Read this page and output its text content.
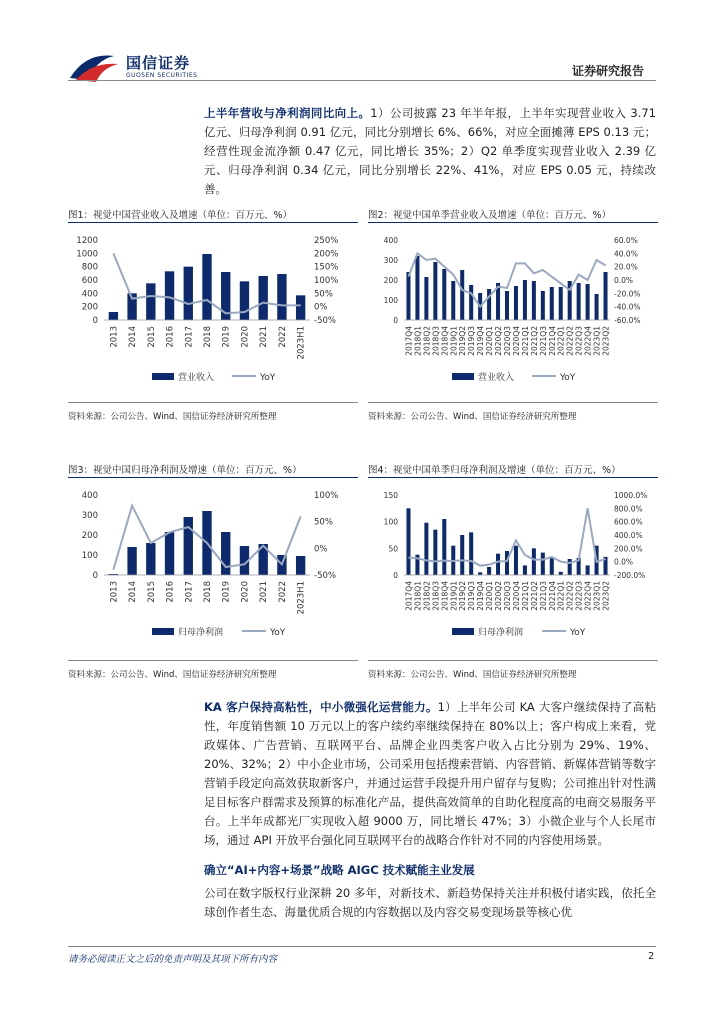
国信证券
GUOSEN SECURITIES	证券研究报告
上半年营收与净利润同比向上。1）公司披露 23 年半年报，上半年实现营业收入 3.71 亿元、归母净利润 0.91 亿元，同比分别增长 6%、66%，对应全面摊薄 EPS 0.13 元；经营性现金流净额 0.47 亿元，同比增长 35%；2）Q2 单季度实现营业收入 2.39 亿元、归母净利润 0.34 亿元，同比分别增长 22%、41%，对应 EPS 0.05 元，持续改善。
图1：视觉中国营业收入及增速（单位：百万元、%）	图2：视觉中国单季营业收入及增速（单位：百万元、%）
0
200
400
600
800
1000
1200
-50%
0%
50%
100%
150%
200%
250%
2013 2014 2015 2016 2017 2018 2019 2020 2021 2022 2023H1
营业收入	YoY
0
100
200
300
400
-60.0%
-40.0%
-20.0%
0.0%
20.0%
40.0%
60.0%
2017Q4 2018Q1 2018Q2 2018Q3 2018Q4 2019Q1 2019Q2 2019Q3 2019Q4 2020Q1 2020Q2 2020Q3 2020Q4 2021Q1 2021Q2 2021Q3 2021Q4 2022Q1 2022Q2 2022Q3 2022Q4 2023Q1 2023Q2
营业收入	YoY
资料来源：公司公告、Wind、国信证券经济研究所整理	资料来源：公司公告、Wind、国信证券经济研究所整理
图3：视觉中国归母净利润及增速（单位：百万元、%）	图4：视觉中国单季归母净利润及增速（单位：百万元、%）
0
100
200
300
400
-50%
0%
50%
100%
2013 2014 2015 2016 2017 2018 2019 2020 2021 2022 2023H1
归母净利润	YoY
0
50
100
150
-200.0%
0.0%
200.0%
400.0%
600.0%
800.0%
1000.0%
2017Q4 2018Q1 2018Q2 2018Q3 2018Q4 2019Q1 2019Q2 2019Q3 2019Q4 2020Q1 2020Q2 2020Q3 2020Q4 2021Q1 2021Q2 2021Q3 2021Q4 2022Q1 2022Q2 2022Q3 2022Q4 2023Q1 2023Q2
归母净利润	YoY
资料来源：公司公告、Wind、国信证券经济研究所整理	资料来源：公司公告、Wind、国信证券经济研究所整理
KA 客户保持高粘性，中小微强化运营能力。1）上半年公司 KA 大客户继续保持了高粘性，年度销售额 10 万元以上的客户续约率继续保持在 80%以上；客户构成上来看，党政媒体、广告营销、互联网平台、品牌企业四类客户收入占比分别为 29%、19%、20%、32%；2）中小企业市场，公司采用包括搜索营销、内容营销、新媒体营销等数字营销手段定向高效获取新客户，并通过运营手段提升用户留存与复购；公司推出针对性满足目标客户群需求及预算的标准化产品，提供高效简单的自助化程度高的电商交易服务平台。上半年成都光厂实现收入超 9000 万，同比增长 47%；3）小微企业与个人长尾市场，通过 API 开放平台强化同互联网平台的战略合作针对不同的内容使用场景。
确立“AI+内容+场景”战略 AIGC 技术赋能主业发展
公司在数字版权行业深耕 20 多年，对新技术、新趋势保持关注并积极付诸实践，依托全球创作者生态、海量优质合规的内容数据以及内容交易变现场景等核心优
请务必阅读正文之后的免责声明及其项下所有内容	2
